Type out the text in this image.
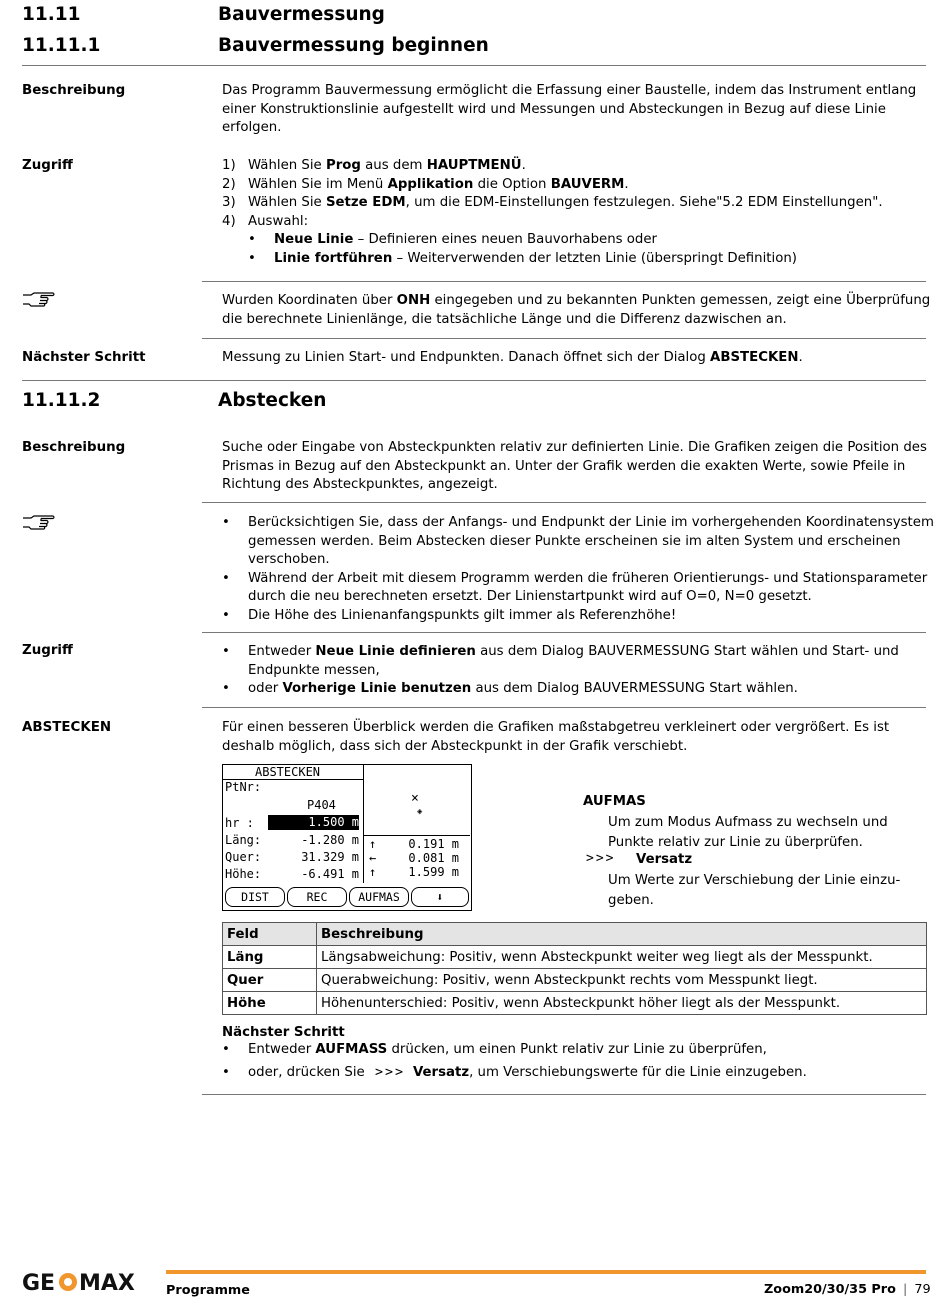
11.11	Bauvermessung
11.11.1	Bauvermessung beginnen
Beschreibung	Das Programm Bauvermessung ermöglicht die Erfassung einer Baustelle, indem das Instrument entlang
einer Konstruktionslinie aufgestellt wird und Messungen und Absteckungen in Bezug auf diese Linie
erfolgen.
Zugriff	1) Wählen Sie Prog aus dem HAUPTMENÜ.
2) Wählen Sie im Menü Applikation die Option BAUVERM.
3) Wählen Sie Setze EDM, um die EDM-Einstellungen festzulegen. Siehe"5.2 EDM Einstellungen".
4) Auswahl:
• Neue Linie – Definieren eines neuen Bauvorhabens oder
• Linie fortführen – Weiterverwenden der letzten Linie (überspringt Definition)
Wurden Koordinaten über ONH eingegeben und zu bekannten Punkten gemessen, zeigt eine Überprüfung
die berechnete Linienlänge, die tatsächliche Länge und die Differenz dazwischen an.
Nächster Schritt	Messung zu Linien Start- und Endpunkten. Danach öffnet sich der Dialog ABSTECKEN.
11.11.2	Abstecken
Beschreibung	Suche oder Eingabe von Absteckpunkten relativ zur definierten Linie. Die Grafiken zeigen die Position des
Prismas in Bezug auf den Absteckpunkt an. Unter der Grafik werden die exakten Werte, sowie Pfeile in
Richtung des Absteckpunktes, angezeigt.
• Berücksichtigen Sie, dass der Anfangs- und Endpunkt der Linie im vorhergehenden Koordinatensystem
gemessen werden. Beim Abstecken dieser Punkte erscheinen sie im alten System und erscheinen
verschoben.
• Während der Arbeit mit diesem Programm werden die früheren Orientierungs- und Stationsparameter
durch die neu berechneten ersetzt. Der Linienstartpunkt wird auf O=0, N=0 gesetzt.
• Die Höhe des Linienanfangspunkts gilt immer als Referenzhöhe!
Zugriff	• Entweder Neue Linie definieren aus dem Dialog BAUVERMESSUNG Start wählen und Start- und
Endpunkte messen,
• oder Vorherige Linie benutzen aus dem Dialog BAUVERMESSUNG Start wählen.
ABSTECKEN	Für einen besseren Überblick werden die Grafiken maßstabgetreu verkleinert oder vergrößert. Es ist
deshalb möglich, dass sich der Absteckpunkt in der Grafik verschiebt.
ABSTECKEN
PtNr:
P404
hr :	1.500 m
Läng:	-1.280 m
Quer:	31.329 m
Höhe:	-6.491 m
×
◈
↑	0.191 m
←	0.081 m
↑	1.599 m
DIST	REC	AUFMAS	⬇
AUFMAS
Um zum Modus Aufmass zu wechseln und
Punkte relativ zur Linie zu überprüfen.
>>> Versatz
Um Werte zur Verschiebung der Linie einzu-
geben.
Feld	Beschreibung
Läng	Längsabweichung: Positiv, wenn Absteckpunkt weiter weg liegt als der Messpunkt.
Quer	Querabweichung: Positiv, wenn Absteckpunkt rechts vom Messpunkt liegt.
Höhe	Höhenunterschied: Positiv, wenn Absteckpunkt höher liegt als der Messpunkt.
Nächster Schritt
• Entweder AUFMASS drücken, um einen Punkt relativ zur Linie zu überprüfen,
• oder, drücken Sie >>> Versatz, um Verschiebungswerte für die Linie einzugeben.
GE MAX Programme	Zoom20/30/35 Pro | 79
